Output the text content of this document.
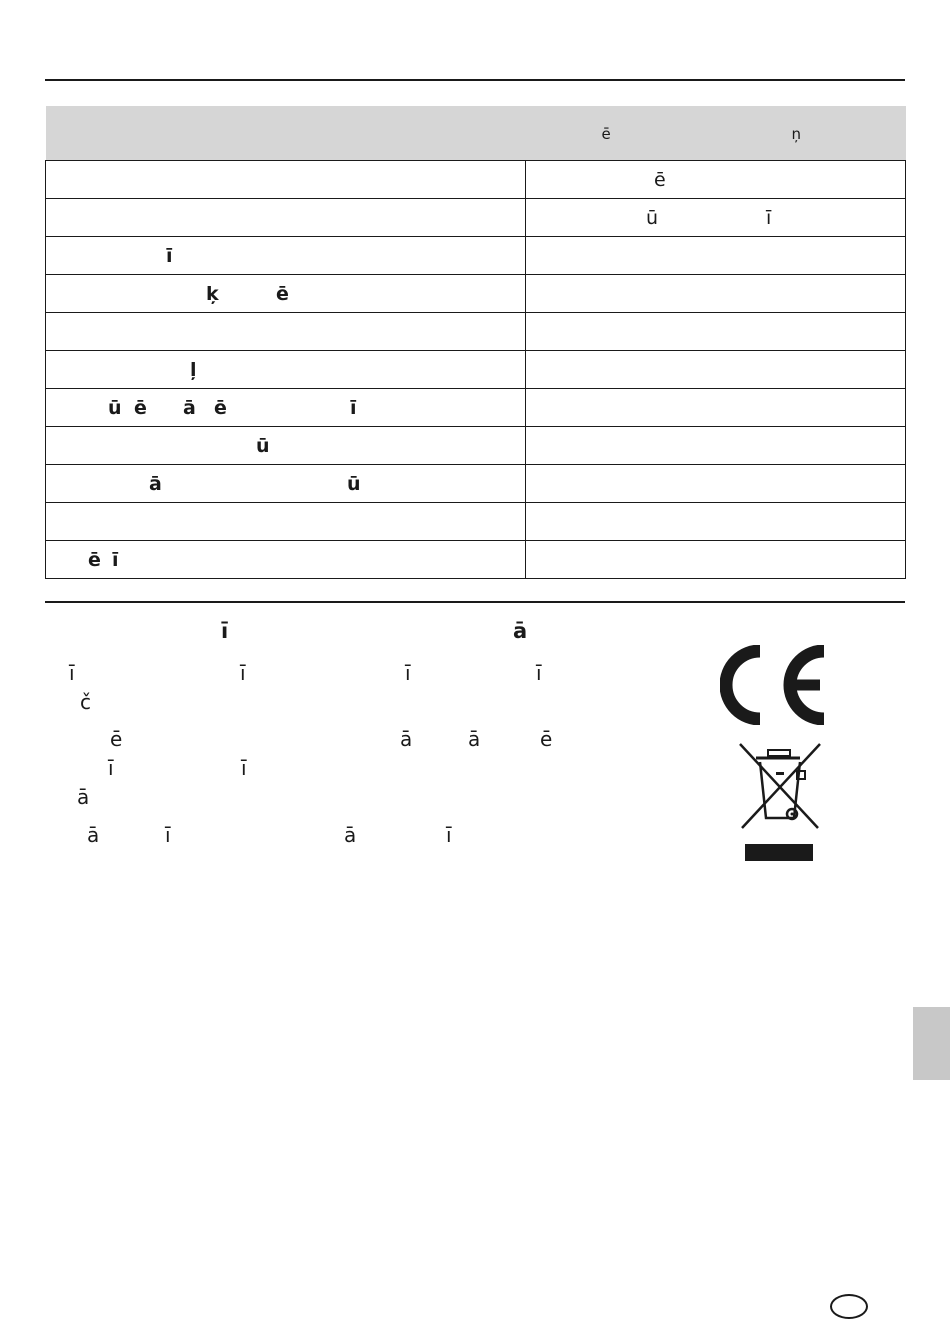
	ē ņ

	ē

	ū ī

ī	

ķ ē	

ļ	

ū ē ā ē ī	

ū	

ā ū	

ē ī	

ī	ā
ī	ī	ī	ī
č
ē	ā	ā	ē
ī	ī
ā
ā	ī	ā	ī
